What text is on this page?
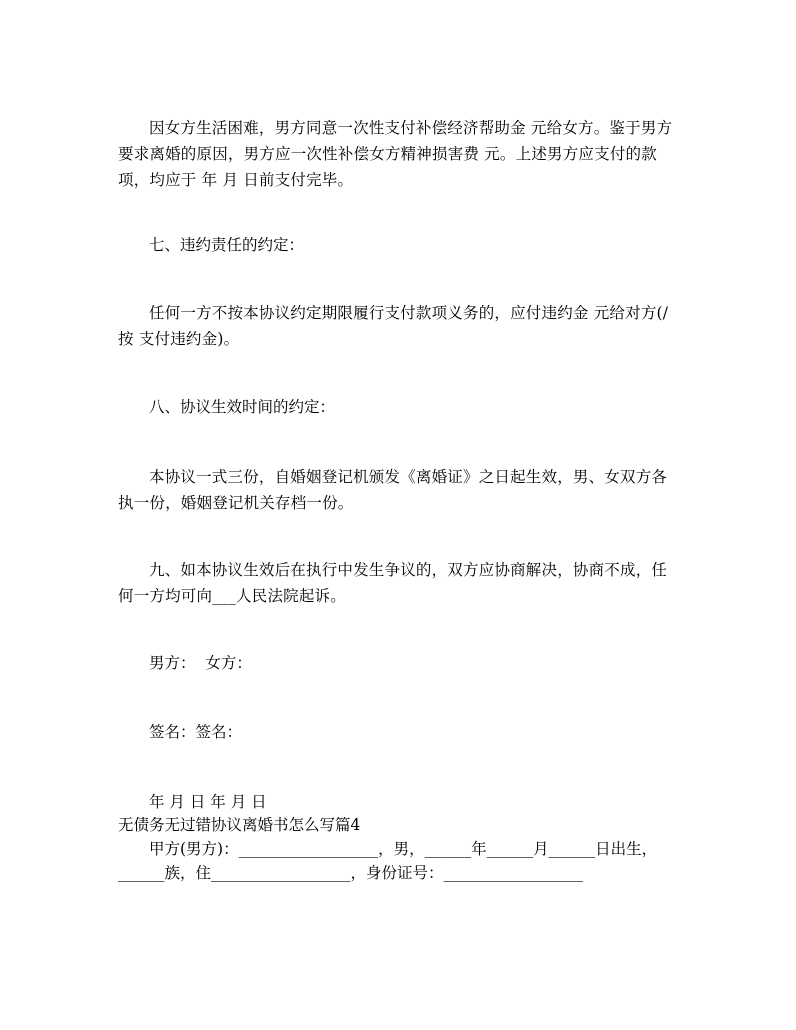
因女方生活困难，男方同意一次性支付补偿经济帮助金 元给女方。鉴于男方要求离婚的原因，男方应一次性补偿女方精神损害费 元。上述男方应支付的款项，均应于 年 月 日前支付完毕。
七、违约责任的约定：
任何一方不按本协议约定期限履行支付款项义务的，应付违约金 元给对方(/按 支付违约金)。
八、协议生效时间的约定：
本协议一式三份，自婚姻登记机颁发《离婚证》之日起生效，男、女双方各执一份，婚姻登记机关存档一份。
九、如本协议生效后在执行中发生争议的，双方应协商解决，协商不成，任何一方均可向___人民法院起诉。
男方：  女方：
签名：签名：
年 月 日 年 月 日
无债务无过错协议离婚书怎么写篇4
甲方(男方)：__________________，男，______年______月______日出生，
______族，住__________________，身份证号：__________________
